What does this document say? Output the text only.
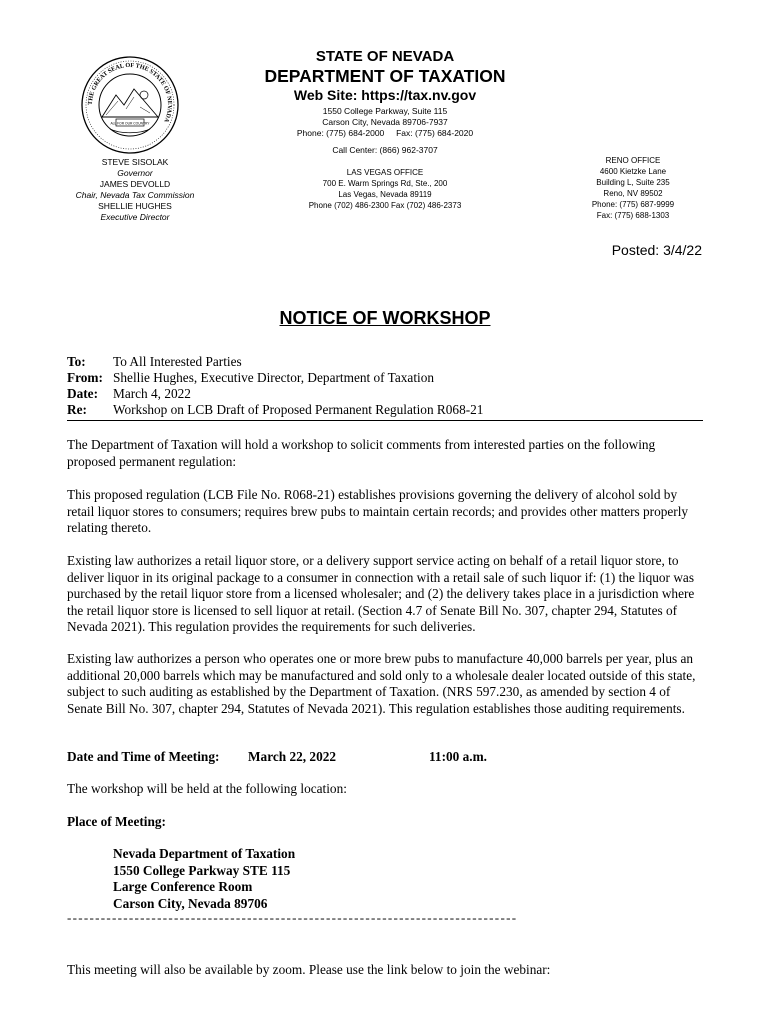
THE GREAT SEAL OF THE STATE OF NEVADA
ALL FOR OUR COUNTRY
STATE OF NEVADA
DEPARTMENT OF TAXATION
Web Site: https://tax.nv.gov
1550 College Parkway, Suite 115
Carson City, Nevada 89706-7937
Phone: (775) 684-2000     Fax: (775) 684-2020
Call Center: (866) 962-3707
STEVE SISOLAK
Governor
JAMES DEVOLLD
Chair, Nevada Tax Commission
SHELLIE HUGHES
Executive Director
LAS VEGAS OFFICE
700 E. Warm Springs Rd, Ste., 200
Las Vegas, Nevada 89119
Phone (702) 486-2300 Fax (702) 486-2373
RENO OFFICE
4600 Kietzke Lane
Building L, Suite 235
Reno, NV 89502
Phone: (775) 687-9999
Fax: (775) 688-1303
Posted: 3/4/22
NOTICE OF WORKSHOP
To:	To All Interested Parties
From: Shellie Hughes, Executive Director, Department of Taxation
Date:	March 4, 2022
Re:	Workshop on LCB Draft of Proposed Permanent Regulation R068-21
The Department of Taxation will hold a workshop to solicit comments from interested parties on the following proposed permanent regulation:
This proposed regulation (LCB File No. R068-21) establishes provisions governing the delivery of alcohol sold by retail liquor stores to consumers; requires brew pubs to maintain certain records; and provides other matters properly relating thereto.
Existing law authorizes a retail liquor store, or a delivery support service acting on behalf of a retail liquor store, to deliver liquor in its original package to a consumer in connection with a retail sale of such liquor if: (1) the liquor was purchased by the retail liquor store from a licensed wholesaler; and (2) the delivery takes place in a jurisdiction where the retail liquor store is licensed to sell liquor at retail. (Section 4.7 of Senate Bill No. 307, chapter 294, Statutes of Nevada 2021). This regulation provides the requirements for such deliveries.
Existing law authorizes a person who operates one or more brew pubs to manufacture 40,000 barrels per year, plus an additional 20,000 barrels which may be manufactured and sold only to a wholesale dealer located outside of this state, subject to such auditing as established by the Department of Taxation. (NRS 597.230, as amended by section 4 of Senate Bill No. 307, chapter 294, Statutes of Nevada 2021). This regulation establishes those auditing requirements.
Date and Time of Meeting: March 22, 2022	11:00 a.m.
The workshop will be held at the following location:
Place of Meeting:
Nevada Department of Taxation
1550 College Parkway STE 115
Large Conference Room
Carson City, Nevada 89706
--------------------------------------------------------------------------------
This meeting will also be available by zoom. Please use the link below to join the webinar:
